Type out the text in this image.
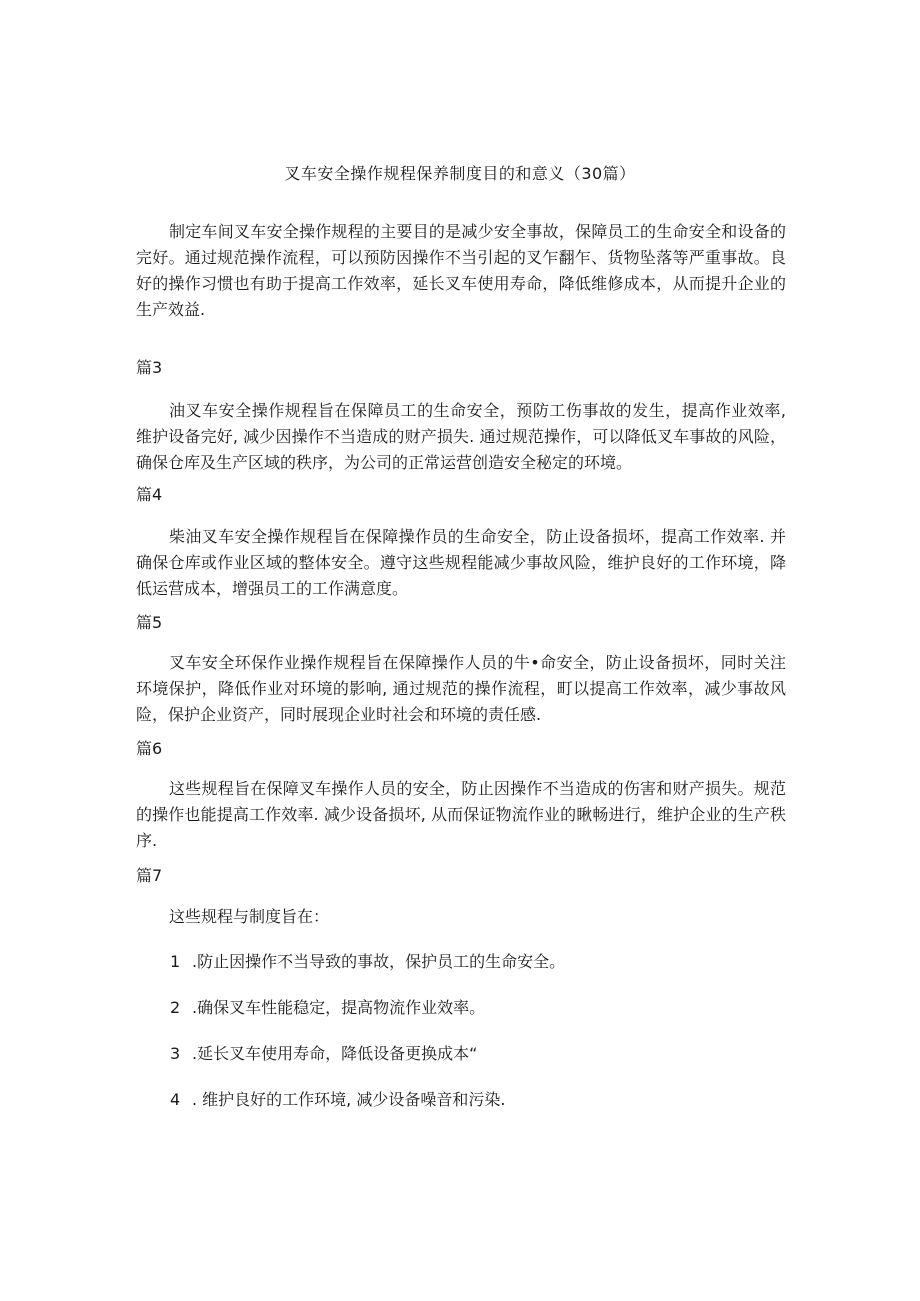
叉车安全操作规程保养制度目的和意义（30篇）

制定车间叉车安全操作规程的主要目的是减少安全事故，保障员工的生命安全和设备的完好。通过规范操作流程，可以预防因操作不当引起的叉乍翻乍、货物坠落等严重事故。良好的操作习惯也有助于提高工作效率，延长叉车使用寿命，降低维修成本，从而提升企业的生产效益.

篇3

油叉车安全操作规程旨在保障员工的生命安全，预防工伤事故的发生，提高作业效率, 维护设备完好, 减少因操作不当造成的财产损失. 通过规范操作，可以降低叉车事故的风险，确保仓库及生产区域的秩序，为公司的正常运营创造安全秘定的环境。

篇4

柴油叉车安全操作规程旨在保障操作员的生命安全，防止设备损坏，提高工作效率. 并确保仓库或作业区域的整体安全。遵守这些规程能减少事故风险，维护良好的工作环境，降低运营成本，增强员工的工作满意度。

篇5

叉车安全环保作业操作规程旨在保障操作人员的牛•命安全，防止设备损坏，同时关注环境保护，降低作业对环境的影响, 通过规范的操作流程，町以提高工作效率，减少事故风险，保护企业资产，同时展现企业时社会和环境的责任感.

篇6

这些规程旨在保障叉车操作人员的安全，防止因操作不当造成的伤害和财产损失。规范的操作也能提高工作效率. 减少设备损坏, 从而保证物流作业的瞅畅进行，维护企业的生产秩序.

篇7

这些规程与制度旨在：

1 .防止因操作不当导致的事故，保护员工的生命安全。
2 .确保叉车性能稳定，提高物流作业效率。
3 .延长叉车使用寿命，降低设备更换成本“
4 . 维护良好的工作环境, 减少设备噪音和污染.
